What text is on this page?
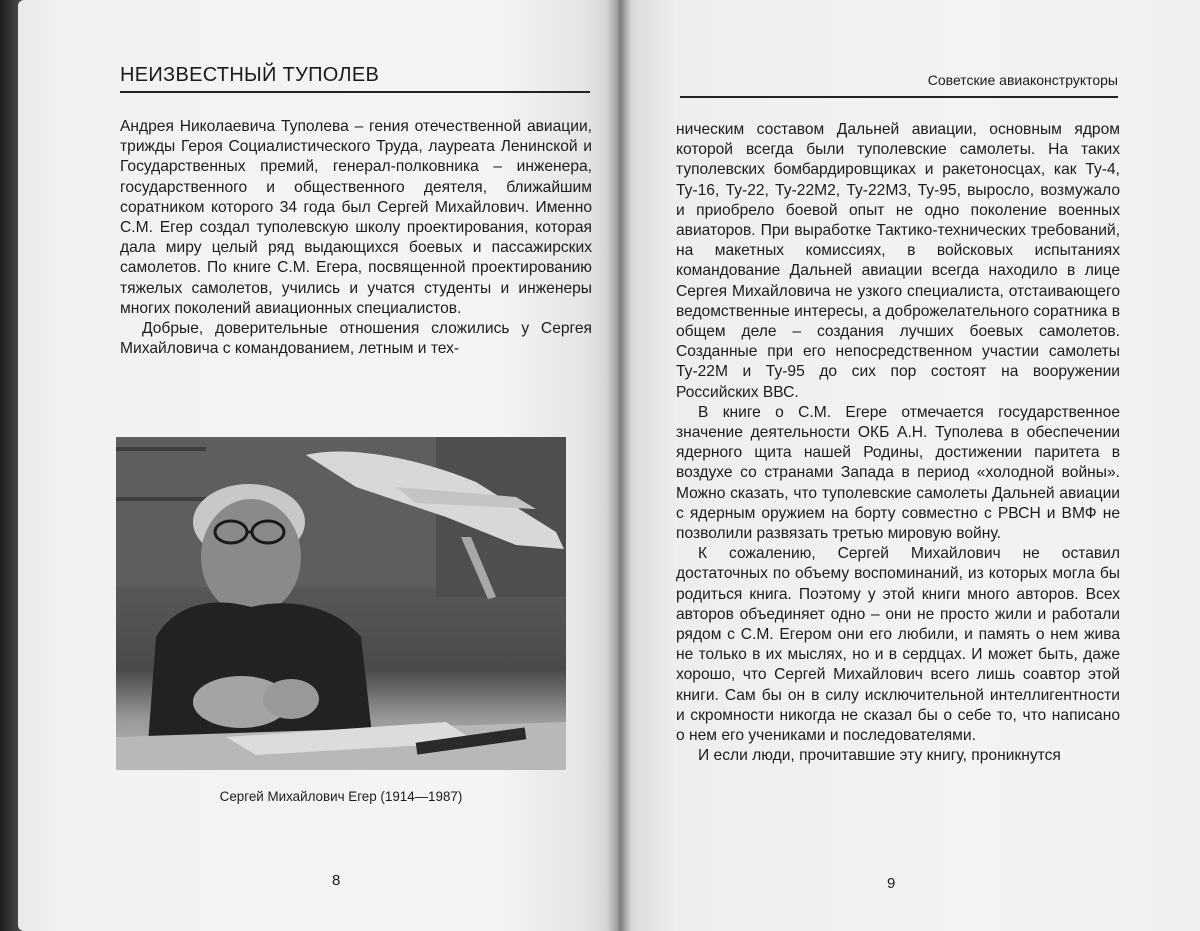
НЕИЗВЕСТНЫЙ ТУПОЛЕВ

Андрея Николаевича Туполева – гения отечественной авиации, трижды Героя Социалистического Труда, лауреата Ленинской и Государственных премий, генерал-полковника – инженера, государственного и общественного деятеля, ближайшим соратником которого 34 года был Сергей Михайлович. Именно С.М. Егер создал туполевскую школу проектирования, которая дала миру целый ряд выдающихся боевых и пассажирских самолетов. По книге С.М. Егера, посвященной проектированию тяжелых самолетов, учились и учатся студенты и инженеры многих поколений авиационных специалистов.

Добрые, доверительные отношения сложились у Сергея Михайловича с командованием, летным и тех-

Сергей Михайлович Егер (1914—1987)
8
Советские авиаконструкторы

ническим составом Дальней авиации, основным ядром которой всегда были туполевские самолеты. На таких туполевских бомбардировщиках и ракетоносцах, как Ту-4, Ту-16, Ту-22, Ту-22М2, Ту-22М3, Ту-95, выросло, возмужало и приобрело боевой опыт не одно поколение военных авиаторов. При выработке Тактико-технических требований, на макетных комиссиях, в войсковых испытаниях командование Дальней авиации всегда находило в лице Сергея Михайловича не узкого специалиста, отстаивающего ведомственные интересы, а доброжелательного соратника в общем деле – создания лучших боевых самолетов. Созданные при его непосредственном участии самолеты Ту-22М и Ту-95 до сих пор состоят на вооружении Российских ВВС.

В книге о С.М. Егере отмечается государственное значение деятельности ОКБ А.Н. Туполева в обеспечении ядерного щита нашей Родины, достижении паритета в воздухе со странами Запада в период «холодной войны». Можно сказать, что туполевские самолеты Дальней авиации с ядерным оружием на борту совместно с РВСН и ВМФ не позволили развязать третью мировую войну.

К сожалению, Сергей Михайлович не оставил достаточных по объему воспоминаний, из которых могла бы родиться книга. Поэтому у этой книги много авторов. Всех авторов объединяет одно – они не просто жили и работали рядом с С.М. Егером они его любили, и память о нем жива не только в их мыслях, но и в сердцах. И может быть, даже хорошо, что Сергей Михайлович всего лишь соавтор этой книги. Сам бы он в силу исключительной интеллигентности и скромности никогда не сказал бы о себе то, что написано о нем его учениками и последователями.

И если люди, прочитавшие эту книгу, проникнутся

9
